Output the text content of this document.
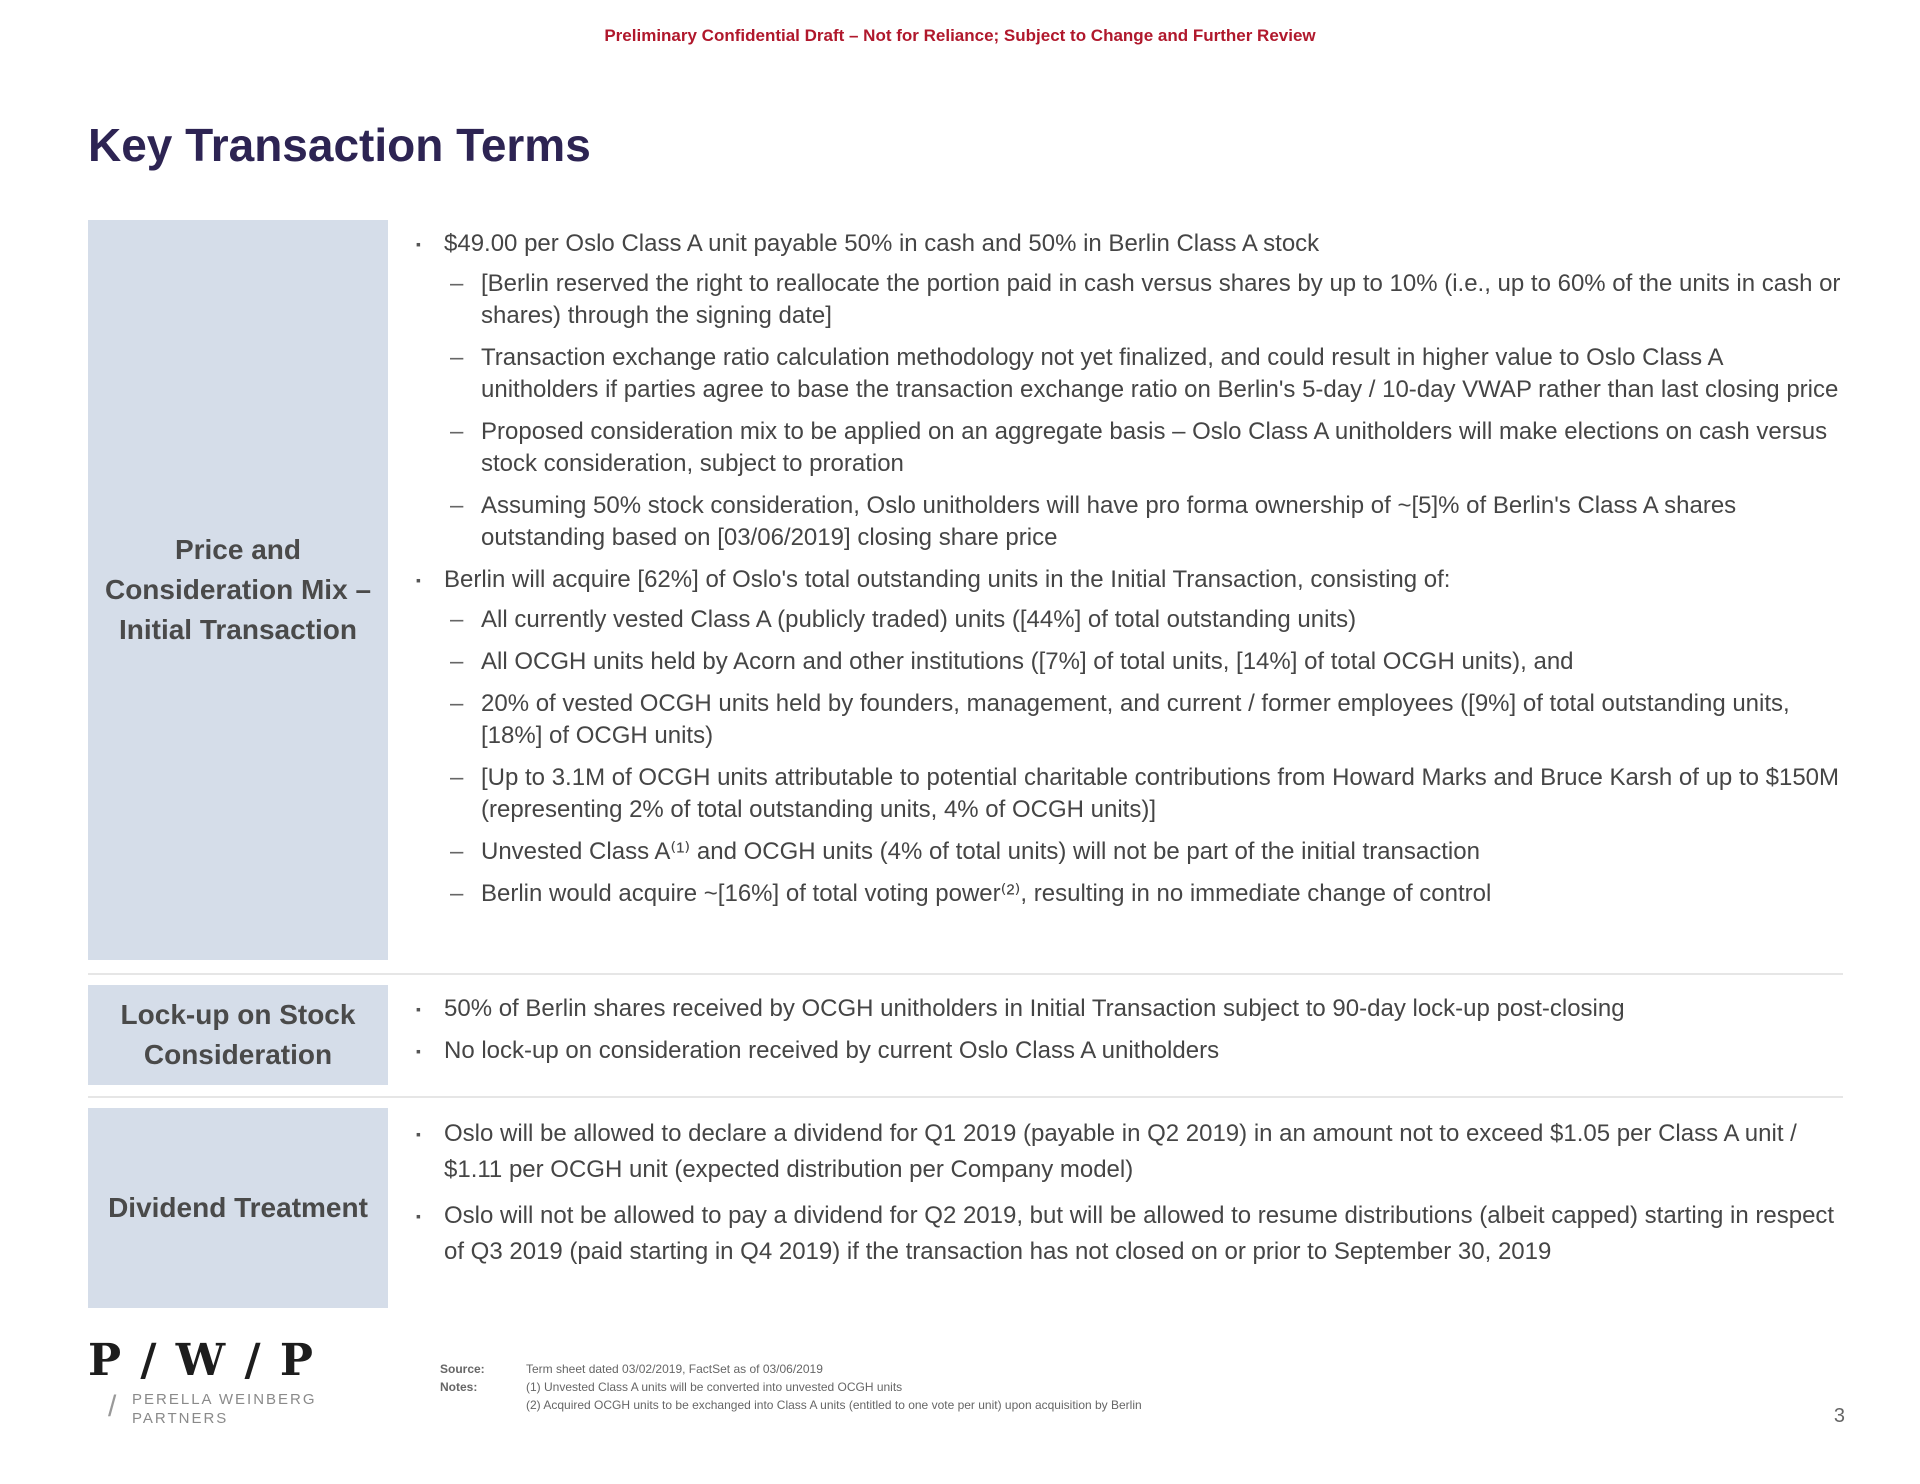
Preliminary Confidential Draft – Not for Reliance; Subject to Change and Further Review
Key Transaction Terms
Price and
Consideration Mix –
Initial Transaction
▪ $49.00 per Oslo Class A unit payable 50% in cash and 50% in Berlin Class A stock
– [Berlin reserved the right to reallocate the portion paid in cash versus shares by up to 10% (i.e., up to 60% of the units in cash or shares) through the signing date]
– Transaction exchange ratio calculation methodology not yet finalized, and could result in higher value to Oslo Class A unitholders if parties agree to base the transaction exchange ratio on Berlin's 5-day / 10-day VWAP rather than last closing price
– Proposed consideration mix to be applied on an aggregate basis – Oslo Class A unitholders will make elections on cash versus stock consideration, subject to proration
– Assuming 50% stock consideration, Oslo unitholders will have pro forma ownership of ~[5]% of Berlin's Class A shares outstanding based on [03/06/2019] closing share price
▪ Berlin will acquire [62%] of Oslo's total outstanding units in the Initial Transaction, consisting of:
– All currently vested Class A (publicly traded) units ([44%] of total outstanding units)
– All OCGH units held by Acorn and other institutions ([7%] of total units, [14%] of total OCGH units), and
– 20% of vested OCGH units held by founders, management, and current / former employees ([9%] of total outstanding units, [18%] of OCGH units)
– [Up to 3.1M of OCGH units attributable to potential charitable contributions from Howard Marks and Bruce Karsh of up to $150M (representing 2% of total outstanding units, 4% of OCGH units)]
– Unvested Class A⁽¹⁾ and OCGH units (4% of total units) will not be part of the initial transaction
– Berlin would acquire ~[16%] of total voting power⁽²⁾, resulting in no immediate change of control
Lock-up on Stock
Consideration
▪ 50% of Berlin shares received by OCGH unitholders in Initial Transaction subject to 90-day lock-up post-closing
▪ No lock-up on consideration received by current Oslo Class A unitholders
Dividend Treatment
▪ Oslo will be allowed to declare a dividend for Q1 2019 (payable in Q2 2019) in an amount not to exceed $1.05 per Class A unit / $1.11 per OCGH unit (expected distribution per Company model)
▪ Oslo will not be allowed to pay a dividend for Q2 2019, but will be allowed to resume distributions (albeit capped) starting in respect of Q3 2019 (paid starting in Q4 2019) if the transaction has not closed on or prior to September 30, 2019
P / W / P
/ PERELLA WEINBERG
PARTNERS
Source:	Term sheet dated 03/02/2019, FactSet as of 03/06/2019
Notes:	(1) Unvested Class A units will be converted into unvested OCGH units
(2) Acquired OCGH units to be exchanged into Class A units (entitled to one vote per unit) upon acquisition by Berlin	3
